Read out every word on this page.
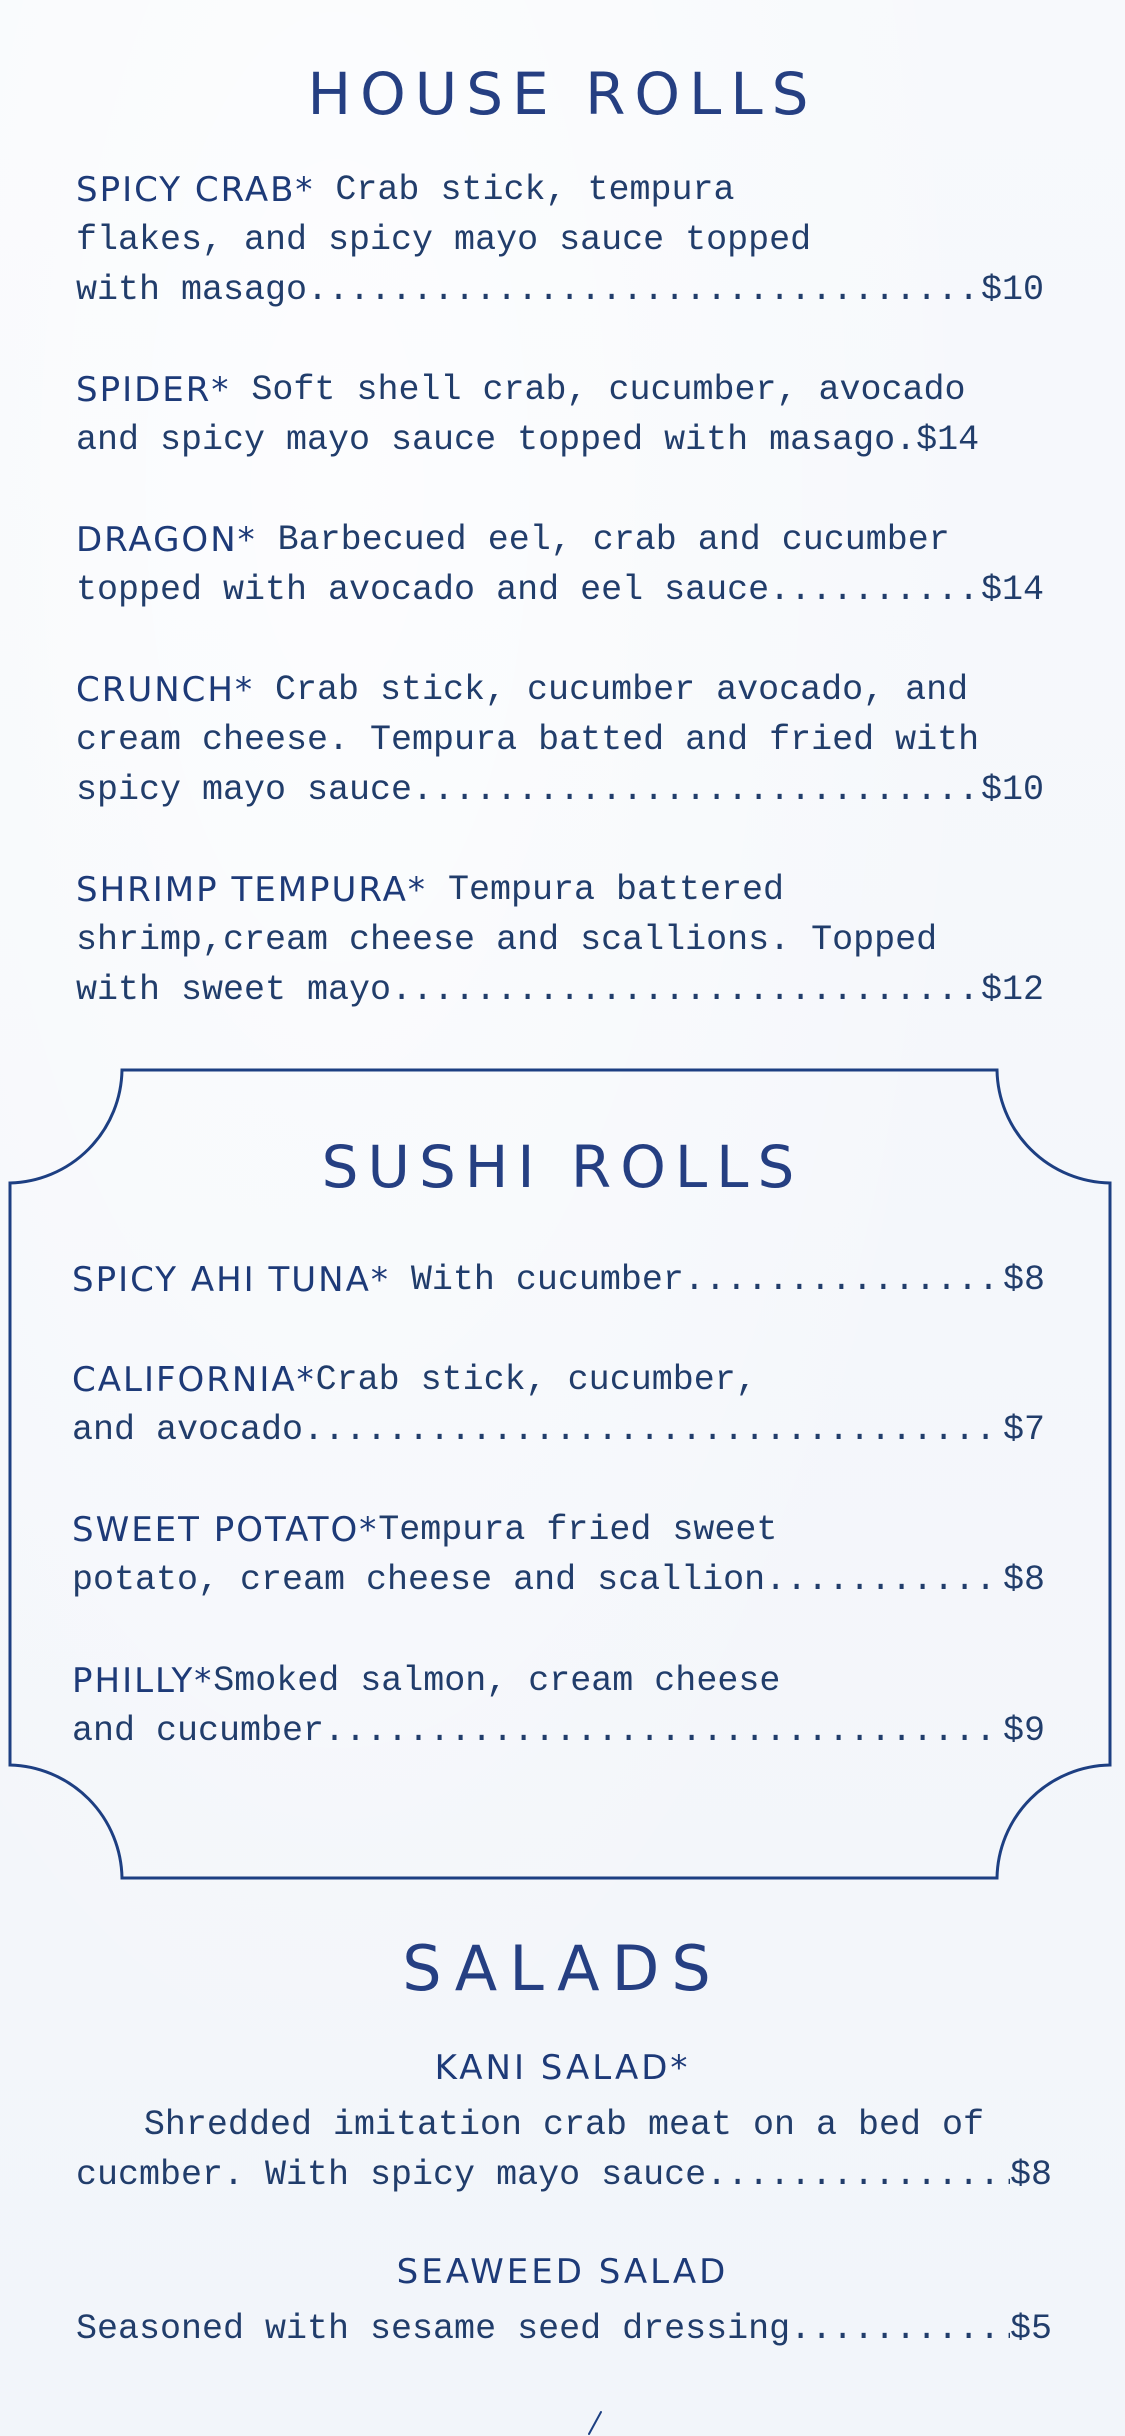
HOUSE ROLLS
SPICY CRAB*
Crab stick, tempura
flakes, and spicy mayo sauce topped
with masago .....	$10
SPIDER*
Soft shell crab, cucumber, avocado
and spicy mayo sauce topped with masago. $14
DRAGON*
Barbecued eel, crab and cucumber
topped with avocado and eel sauce .....	$14
CRUNCH*
Crab stick, cucumber avocado, and
cream cheese. Tempura batted and fried with
spicy mayo sauce .....	$10
SHRIMP TEMPURA*
Tempura battered
shrimp,cream cheese and scallions. Topped
with sweet mayo .....	$12
SUSHI ROLLS
SPICY AHI TUNA*
With cucumber .....	$8
CALIFORNIA* Crab stick, cucumber,
and avocado .....	$7
SWEET POTATO* Tempura fried sweet
potato, cream cheese and scallion .....	$8
PHILLY* Smoked salmon, cream cheese
and cucumber .....	$9
SALADS
KANI SALAD*
Shredded imitation crab meat on a bed of
cucmber. With spicy mayo sauce .....	$8
SEAWEED SALAD
Seasoned with sesame seed dressing .....	$5
